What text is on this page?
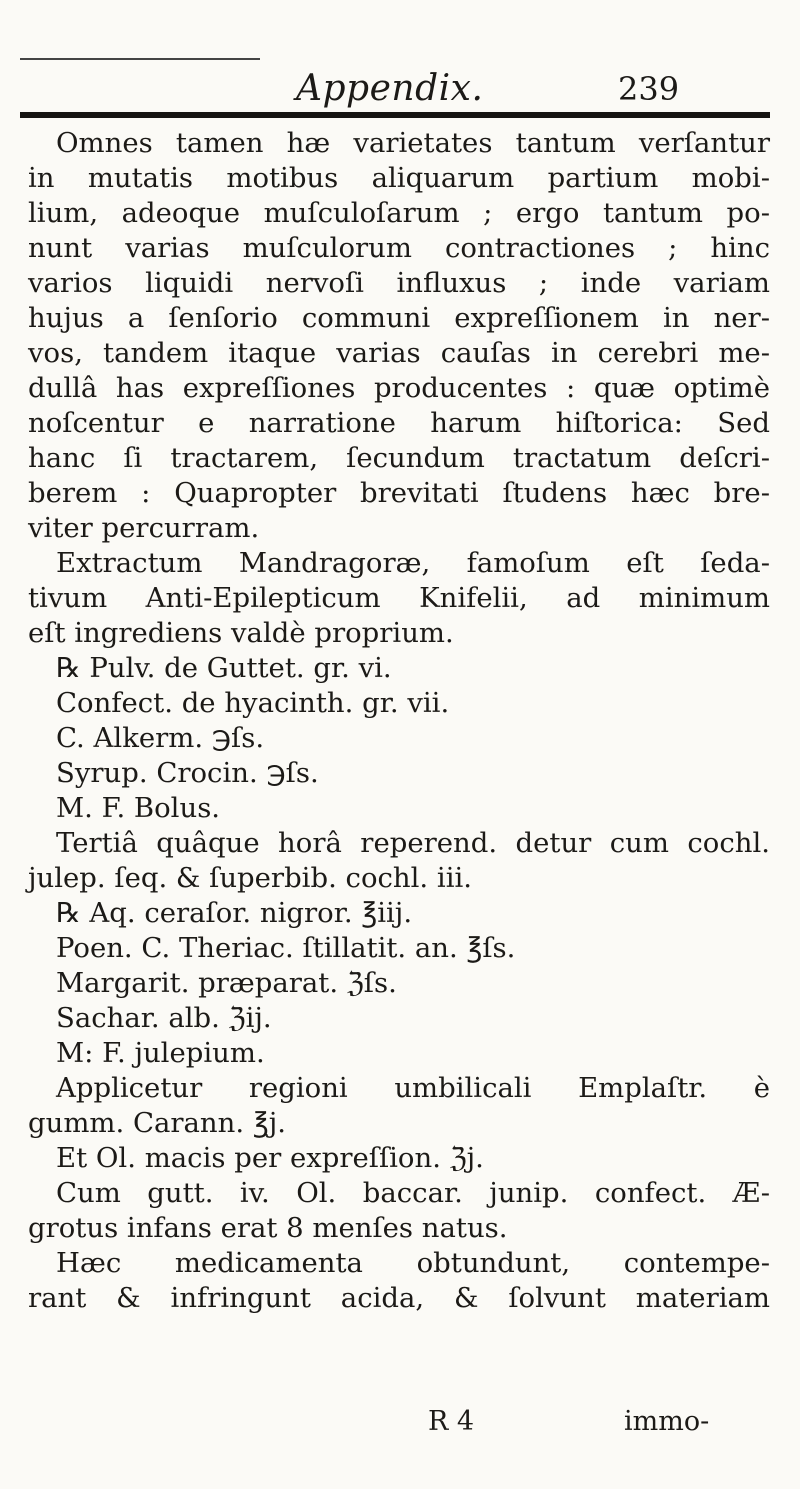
Appendix.	239
Omnes tamen hæ varietates tantum verſantur
in mutatis motibus aliquarum partium mobi-
lium, adeoque muſculoſarum ; ergo tantum po-
nunt varias muſculorum contractiones ; hinc
varios liquidi nervoſi influxus ; inde variam
hujus a ſenſorio communi expreſſionem in ner-
vos, tandem itaque varias cauſas in cerebri me-
dullâ has expreſſiones producentes : quæ optimè
noſcentur e narratione harum hiſtorica: Sed
hanc ſi tractarem, ſecundum tractatum deſcri-
berem : Quapropter brevitati ſtudens hæc bre-
viter percurram.
Extractum Mandragoræ, famoſum eſt ſeda-
tivum Anti-Epilepticum Knifelii, ad minimum
eſt ingrediens valdè proprium.
℞ Pulv. de Guttet. gr. vi.
Confect. de hyacinth. gr. vii.
C. Alkerm. ℈ſs.
Syrup. Crocin. ℈ſs.
M. F. Bolus.
Tertiâ quâque horâ reperend. detur cum cochl.
julep. ſeq. & ſuperbib. cochl. iii.
℞ Aq. ceraſor. nigror. ℥iij.
Poen. C. Theriac. ſtillatit. an. ℥ſs.
Margarit. præparat. ℨſs.
Sachar. alb. ℨij.
M: F. julepium.
Applicetur regioni umbilicali Emplaſtr. è
gumm. Carann. ℥j.
Et Ol. macis per expreſſion. ℨj.
Cum gutt. iv. Ol. baccar. junip. confect. Æ-
grotus infans erat 8 menſes natus.
Hæc medicamenta obtundunt, contempe-
rant & infringunt acida, & ſolvunt materiam
R 4	immo-
